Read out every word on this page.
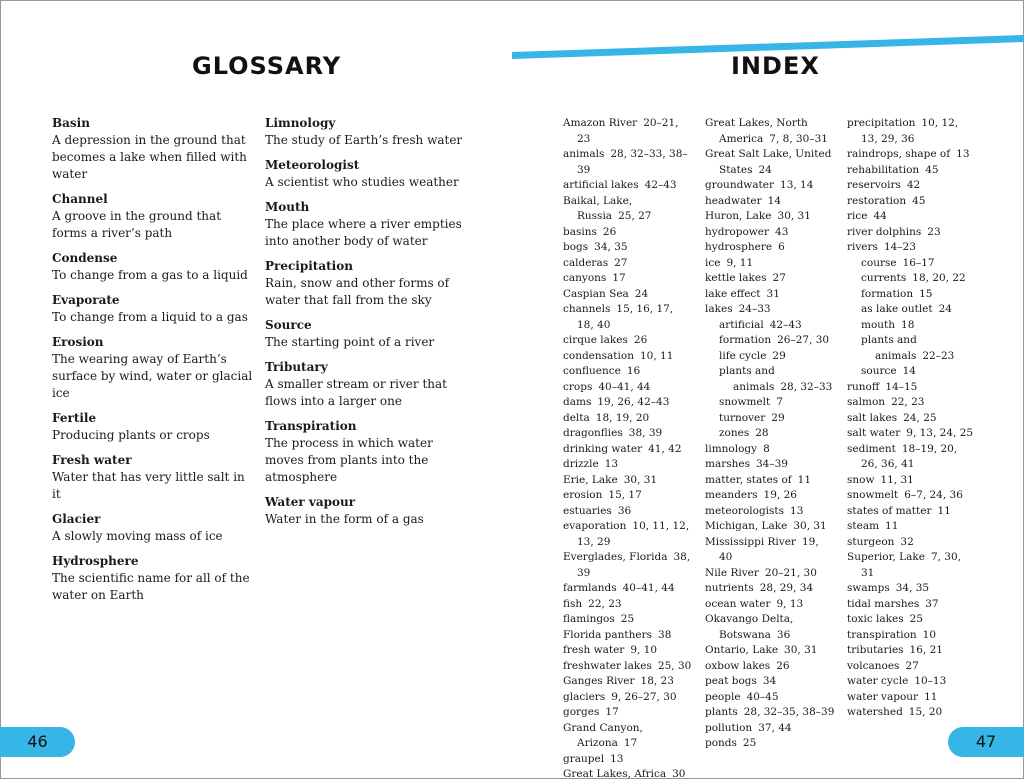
GLOSSARY	INDEX
Basin
A depression in the ground that becomes a lake when filled with water
Channel
A groove in the ground that forms a river’s path
Condense
To change from a gas to a liquid
Evaporate
To change from a liquid to a gas
Erosion
The wearing away of Earth’s surface by wind, water or glacial ice
Fertile
Producing plants or crops
Fresh water
Water that has very little salt in it
Glacier
A slowly moving mass of ice
Hydrosphere
The scientific name for all of the water on Earth
Limnology
The study of Earth’s fresh water
Meteorologist
A scientist who studies weather
Mouth
The place where a river empties into another body of water
Precipitation
Rain, snow and other forms of water that fall from the sky
Source
The starting point of a river
Tributary
A smaller stream or river that flows into a larger one
Transpiration
The process in which water moves from plants into the atmosphere
Water vapour
Water in the form of a gas
Amazon River 20–21, 23
animals 28, 32–33, 38–39
artificial lakes 42–43
Baikal, Lake, Russia 25, 27
basins 26
bogs 34, 35
calderas 27
canyons 17
Caspian Sea 24
channels 15, 16, 17, 18, 40
cirque lakes 26
condensation 10, 11
confluence 16
crops 40–41, 44
dams 19, 26, 42–43
delta 18, 19, 20
dragonflies 38, 39
drinking water 41, 42
drizzle 13
Erie, Lake 30, 31
erosion 15, 17
estuaries 36
evaporation 10, 11, 12, 13, 29
Everglades, Florida 38, 39
farmlands 40–41, 44
fish 22, 23
flamingos 25
Florida panthers 38
fresh water 9, 10
freshwater lakes 25, 30
Ganges River 18, 23
glaciers 9, 26–27, 30
gorges 17
Grand Canyon, Arizona 17
graupel 13
Great Lakes, Africa 30
Great Lakes, North America 7, 8, 30–31
Great Salt Lake, United States 24
groundwater 13, 14
headwater 14
Huron, Lake 30, 31
hydropower 43
hydrosphere 6
ice 9, 11
kettle lakes 27
lake effect 31
lakes 24–33
artificial 42–43
formation 26–27, 30
life cycle 29
plants and animals 28, 32–33
snowmelt 7
turnover 29
zones 28
limnology 8
marshes 34–39
matter, states of 11
meanders 19, 26
meteorologists 13
Michigan, Lake 30, 31
Mississippi River 19, 40
Nile River 20–21, 30
nutrients 28, 29, 34
ocean water 9, 13
Okavango Delta, Botswana 36
Ontario, Lake 30, 31
oxbow lakes 26
peat bogs 34
people 40–45
plants 28, 32–35, 38–39
pollution 37, 44
ponds 25
precipitation 10, 12, 13, 29, 36
raindrops, shape of 13
rehabilitation 45
reservoirs 42
restoration 45
rice 44
river dolphins 23
rivers 14–23
course 16–17
currents 18, 20, 22
formation 15
as lake outlet 24
mouth 18
plants and animals 22–23
source 14
runoff 14–15
salmon 22, 23
salt lakes 24, 25
salt water 9, 13, 24, 25
sediment 18–19, 20, 26, 36, 41
snow 11, 31
snowmelt 6–7, 24, 36
states of matter 11
steam 11
sturgeon 32
Superior, Lake 7, 30, 31
swamps 34, 35
tidal marshes 37
toxic lakes 25
transpiration 10
tributaries 16, 21
volcanoes 27
water cycle 10–13
water vapour 11
watershed 15, 20
46	47
